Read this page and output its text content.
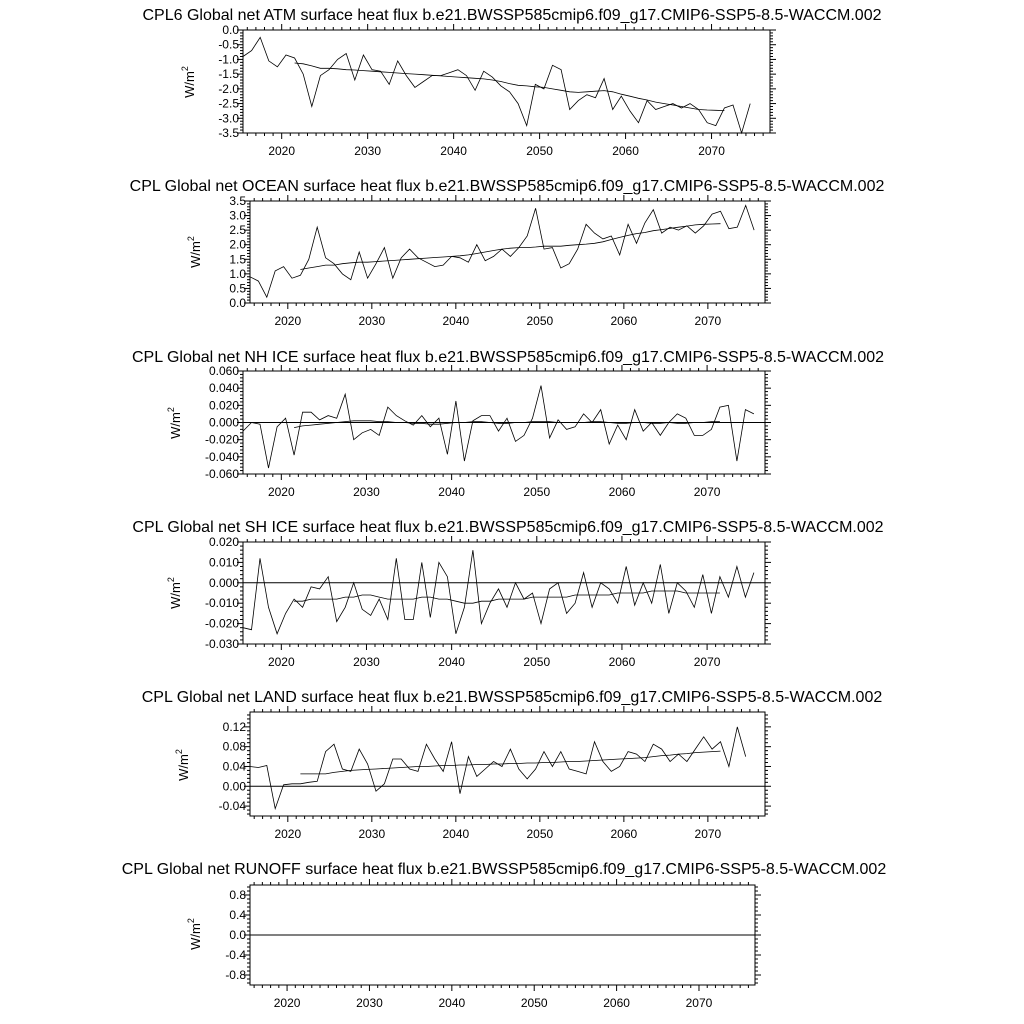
CPL6 Global net ATM surface heat flux b.e21.BWSSP585cmip6.f09_g17.CMIP6-SSP5-8.5-WACCM.002
$W/m^2$
2020	2030	2040	2050	2060	2070
-3.5
-3.0
-2.5
-2.0
-1.5
-1.0
-0.5
0.0
CPL Global net OCEAN surface heat flux b.e21.BWSSP585cmip6.f09_g17.CMIP6-SSP5-8.5-WACCM.002
$W/m^2$
2020	2030	2040	2050	2060	2070
0.0
0.5
1.0
1.5
2.0
2.5
3.0
3.5
CPL Global net NH ICE surface heat flux b.e21.BWSSP585cmip6.f09_g17.CMIP6-SSP5-8.5-WACCM.002
$W/m^2$
2020	2030	2040	2050	2060	2070
-0.060
-0.040
-0.020
0.000
0.020
0.040
0.060
CPL Global net SH ICE surface heat flux b.e21.BWSSP585cmip6.f09_g17.CMIP6-SSP5-8.5-WACCM.002
$W/m^2$
2020	2030	2040	2050	2060	2070
-0.030
-0.020
-0.010
0.000
0.010
0.020
CPL Global net LAND surface heat flux b.e21.BWSSP585cmip6.f09_g17.CMIP6-SSP5-8.5-WACCM.002
$W/m^2$
2020	2030	2040	2050	2060	2070
-0.04
0.00
0.04
0.08
0.12
CPL Global net RUNOFF surface heat flux b.e21.BWSSP585cmip6.f09_g17.CMIP6-SSP5-8.5-WACCM.002
$W/m^2$
2020	2030	2040	2050	2060	2070
-0.8
-0.4
0.0
0.4
0.8
